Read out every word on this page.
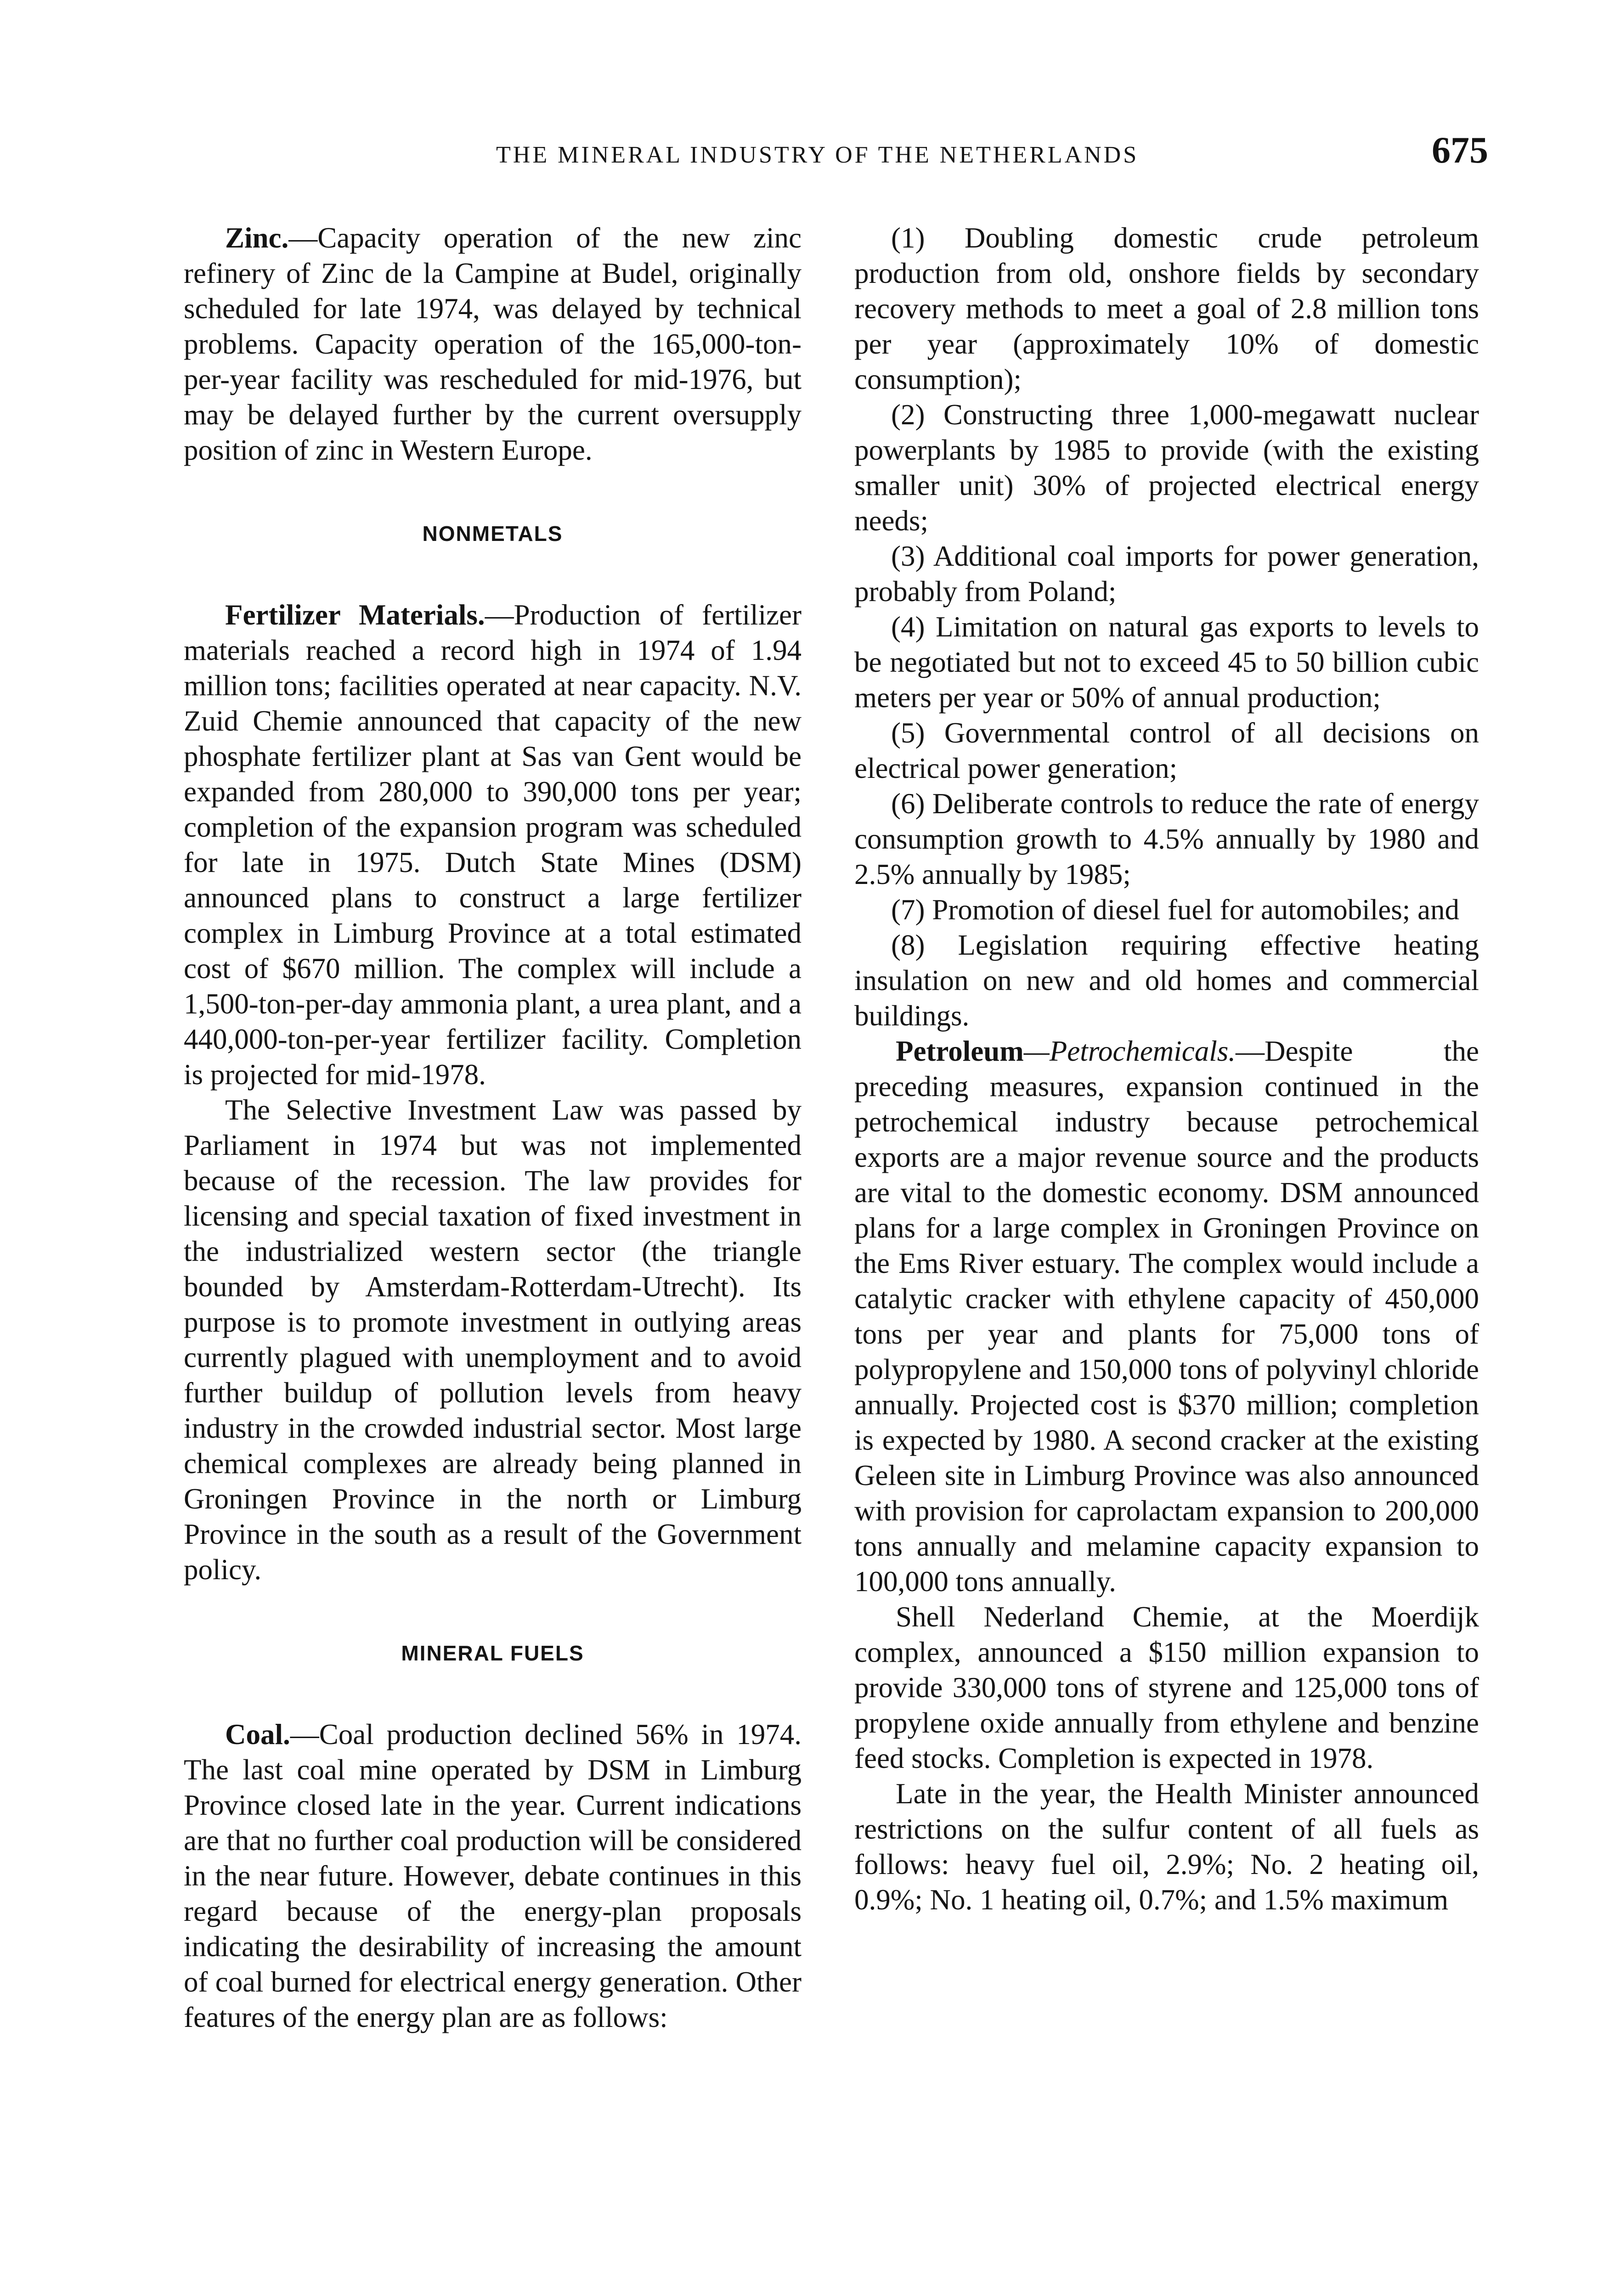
THE MINERAL INDUSTRY OF THE NETHERLANDS	675

Zinc.—Capacity operation of the new zinc refinery of Zinc de la Campine at Budel, originally scheduled for late 1974, was delayed by technical problems. Capacity operation of the 165,000-ton-per-year facility was rescheduled for mid-1976, but may be delayed further by the current oversupply position of zinc in Western Europe.

NONMETALS

Fertilizer Materials.—Production of fertilizer materials reached a record high in 1974 of 1.94 million tons; facilities operated at near capacity. N.V. Zuid Chemie announced that capacity of the new phosphate fertilizer plant at Sas van Gent would be expanded from 280,000 to 390,000 tons per year; completion of the expansion program was scheduled for late in 1975. Dutch State Mines (DSM) announced plans to construct a large fertilizer complex in Limburg Province at a total estimated cost of $670 million. The complex will include a 1,500-ton-per-day ammonia plant, a urea plant, and a 440,000-ton-per-year fertilizer facility. Completion is projected for mid-1978.

The Selective Investment Law was passed by Parliament in 1974 but was not implemented because of the recession. The law provides for licensing and special taxation of fixed investment in the industrialized western sector (the triangle bounded by Amsterdam-Rotterdam-Utrecht). Its purpose is to promote investment in outlying areas currently plagued with unemployment and to avoid further buildup of pollution levels from heavy industry in the crowded industrial sector. Most large chemical complexes are already being planned in Groningen Province in the north or Limburg Province in the south as a result of the Government policy.

MINERAL FUELS

Coal.—Coal production declined 56% in 1974. The last coal mine operated by DSM in Limburg Province closed late in the year. Current indications are that no further coal production will be considered in the near future. However, debate continues in this regard because of the energy-plan proposals indicating the desirability of increasing the amount of coal burned for electrical energy generation. Other features of the energy plan are as follows:

(1) Doubling domestic crude petroleum production from old, onshore fields by secondary recovery methods to meet a goal of 2.8 million tons per year (approximately 10% of domestic consumption);

(2) Constructing three 1,000-megawatt nuclear powerplants by 1985 to provide (with the existing smaller unit) 30% of projected electrical energy needs;

(3) Additional coal imports for power generation, probably from Poland;

(4) Limitation on natural gas exports to levels to be negotiated but not to exceed 45 to 50 billion cubic meters per year or 50% of annual production;

(5) Governmental control of all decisions on electrical power generation;

(6) Deliberate controls to reduce the rate of energy consumption growth to 4.5% annually by 1980 and 2.5% annually by 1985;

(7) Promotion of diesel fuel for automobiles; and

(8) Legislation requiring effective heating insulation on new and old homes and commercial buildings.

Petroleum—Petrochemicals.—Despite the preceding measures, expansion continued in the petrochemical industry because petrochemical exports are a major revenue source and the products are vital to the domestic economy. DSM announced plans for a large complex in Groningen Province on the Ems River estuary. The complex would include a catalytic cracker with ethylene capacity of 450,000 tons per year and plants for 75,000 tons of polypropylene and 150,000 tons of polyvinyl chloride annually. Projected cost is $370 million; completion is expected by 1980. A second cracker at the existing Geleen site in Limburg Province was also announced with provision for caprolactam expansion to 200,000 tons annually and melamine capacity expansion to 100,000 tons annually.

Shell Nederland Chemie, at the Moerdijk complex, announced a $150 million expansion to provide 330,000 tons of styrene and 125,000 tons of propylene oxide annually from ethylene and benzine feed stocks. Completion is expected in 1978.

Late in the year, the Health Minister announced restrictions on the sulfur content of all fuels as follows: heavy fuel oil, 2.9%; No. 2 heating oil, 0.9%; No. 1 heating oil, 0.7%; and 1.5% maximum
